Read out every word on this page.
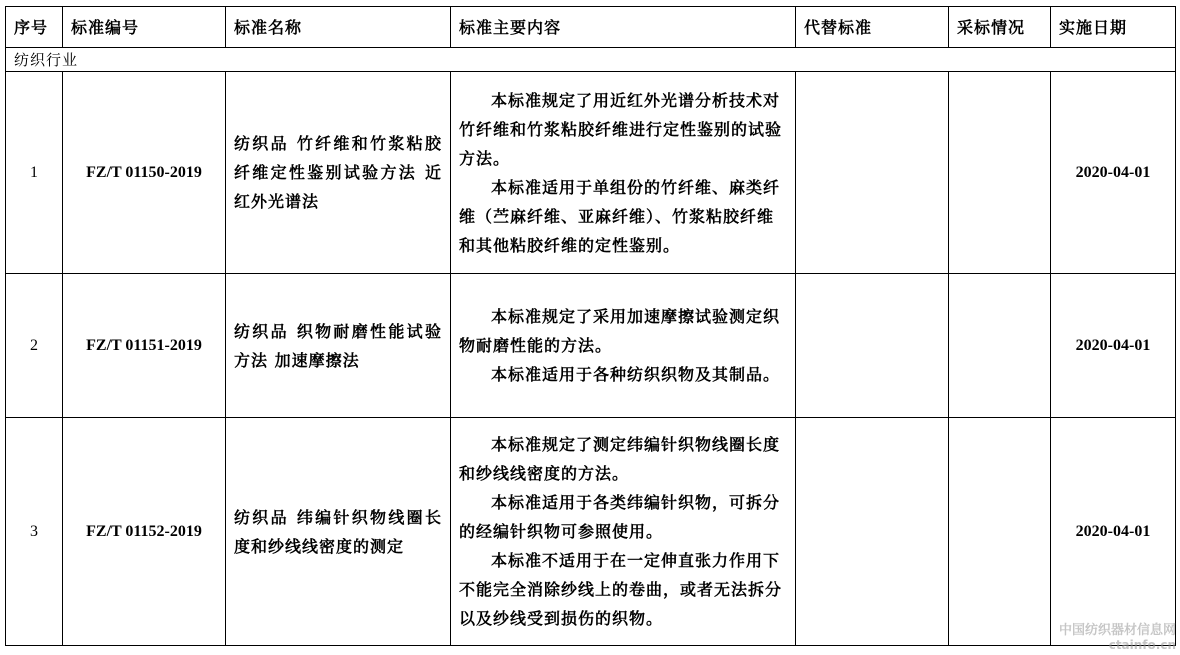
序号	标准编号	标准名称	标准主要内容	代替标准	采标情况	实施日期
纺织行业						
1	FZ/T 01150-2019	纺织品 竹纤维和竹浆粘胶纤维定性鉴别试验方法 近红外光谱法	本标准规定了用近红外光谱分析技术对竹纤维和竹浆粘胶纤维进行定性鉴别的试验方法。

本标准适用于单组份的竹纤维、麻类纤维（苎麻纤维、亚麻纤维）、竹浆粘胶纤维和其他粘胶纤维的定性鉴别。			2020-04-01
2	FZ/T 01151-2019	纺织品 织物耐磨性能试验方法 加速摩擦法	本标准规定了采用加速摩擦试验测定织物耐磨性能的方法。

本标准适用于各种纺织织物及其制品。			2020-04-01
3	FZ/T 01152-2019	纺织品 纬编针织物线圈长度和纱线线密度的测定	本标准规定了测定纬编针织物线圈长度和纱线线密度的方法。

本标准适用于各类纬编针织物，可拆分的经编针织物可参照使用。

本标准不适用于在一定伸直张力作用下不能完全消除纱线上的卷曲，或者无法拆分以及纱线受到损伤的织物。			2020-04-01
中国纺织器材信息网
ctainfo.cn
